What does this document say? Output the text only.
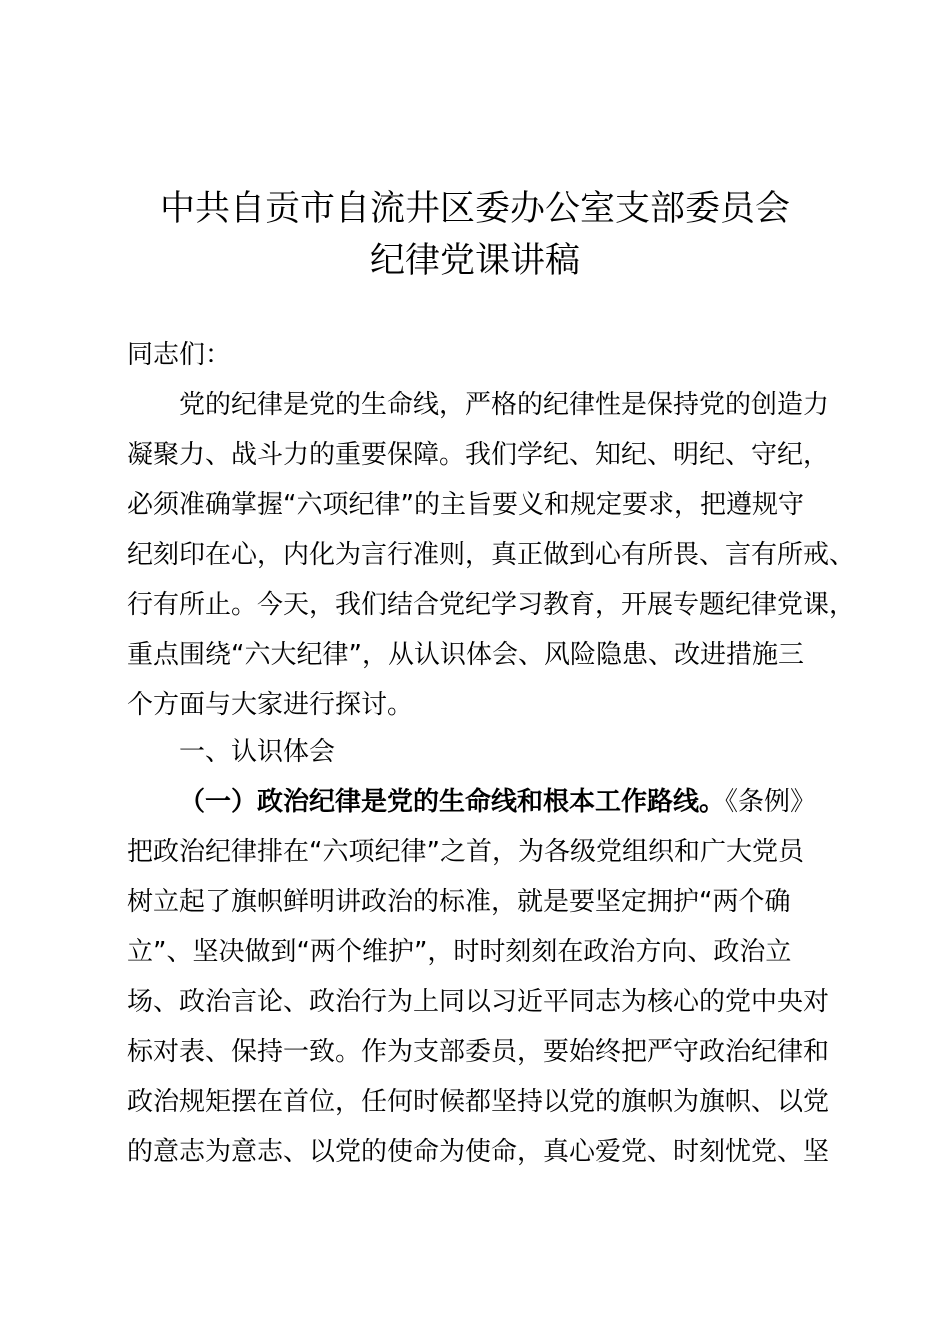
中共自贡市自流井区委办公室支部委员会
纪律党课讲稿
同志们：
党的纪律是党的生命线，严格的纪律性是保持党的创造力
凝聚力、战斗力的重要保障。我们学纪、知纪、明纪、守纪，
必须准确掌握“六项纪律”的主旨要义和规定要求，把遵规守
纪刻印在心，内化为言行准则，真正做到心有所畏、言有所戒、
行有所止。今天，我们结合党纪学习教育，开展专题纪律党课，
重点围绕“六大纪律”，从认识体会、风险隐患、改进措施三
个方面与大家进行探讨。
一、认识体会
（一）政治纪律是党的生命线和根本工作路线。《条例》
把政治纪律排在“六项纪律”之首，为各级党组织和广大党员
树立起了旗帜鲜明讲政治的标准，就是要坚定拥护“两个确
立”、坚决做到“两个维护”，时时刻刻在政治方向、政治立
场、政治言论、政治行为上同以习近平同志为核心的党中央对
标对表、保持一致。作为支部委员，要始终把严守政治纪律和
政治规矩摆在首位，任何时候都坚持以党的旗帜为旗帜、以党
的意志为意志、以党的使命为使命，真心爱党、时刻忧党、坚
